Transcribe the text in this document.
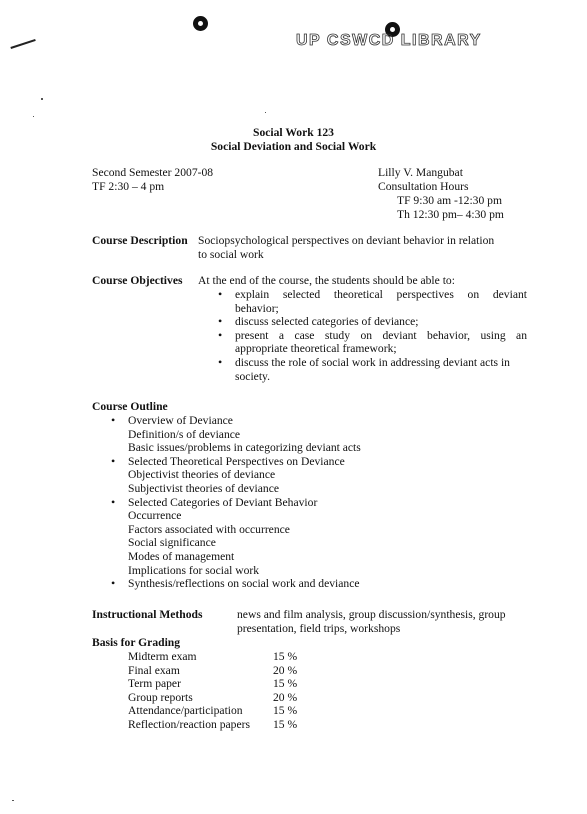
UP CSWCD LIBRARY
Social Work 123
Social Deviation and Social Work
Second Semester 2007-08
TF 2:30 – 4 pm
Lilly V. Mangubat
Consultation Hours
TF 9:30 am -12:30 pm
Th 12:30 pm– 4:30 pm
Course Description Sociopsychological perspectives on deviant behavior in relation
to social work
Course Objectives At the end of the course, the students should be able to:
• explain selected theoretical perspectives on deviant
behavior;
• discuss selected categories of deviance;
• present a case study on deviant behavior, using an
appropriate theoretical framework;
• discuss the role of social work in addressing deviant acts in
society.
Course Outline
• Overview of Deviance
Definition/s of deviance
Basic issues/problems in categorizing deviant acts
• Selected Theoretical Perspectives on Deviance
Objectivist theories of deviance
Subjectivist theories of deviance
• Selected Categories of Deviant Behavior
Occurrence
Factors associated with occurrence
Social significance
Modes of management
Implications for social work
• Synthesis/reflections on social work and deviance
Instructional Methods	news and film analysis, group discussion/synthesis, group
presentation, field trips, workshops
Basis for Grading
Midterm exam	15 %
Final exam	20 %
Term paper	15 %
Group reports	20 %
Attendance/participation	15 %
Reflection/reaction papers	15 %
